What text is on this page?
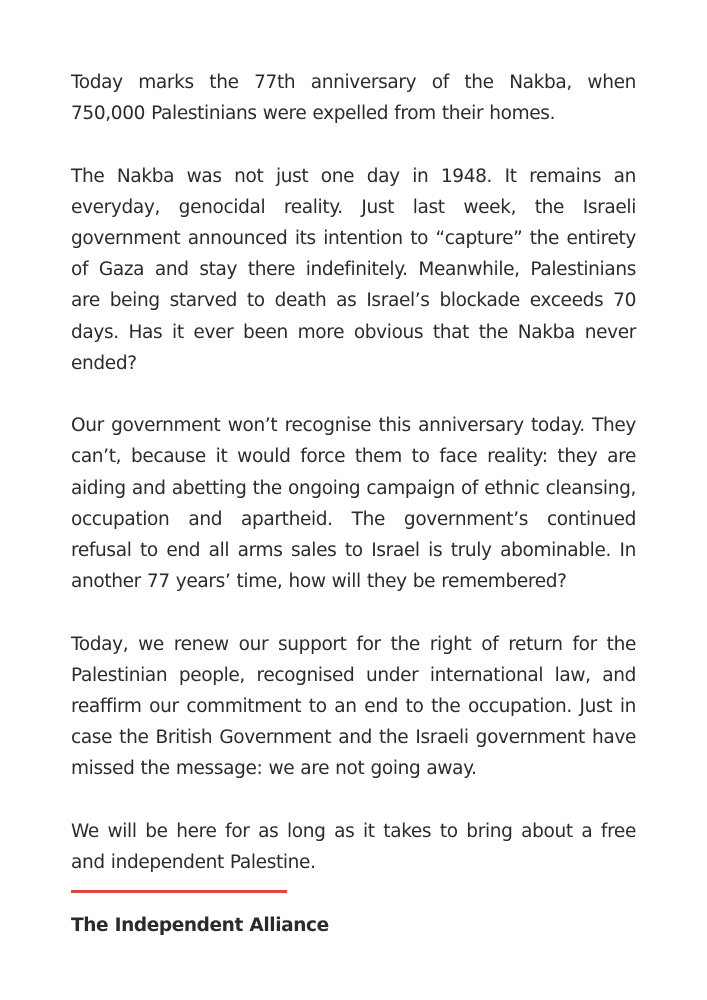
Today marks the 77th anniversary of the Nakba, when 750,000 Palestinians were expelled from their homes.

The Nakba was not just one day in 1948. It remains an everyday, genocidal reality. Just last week, the Israeli government announced its intention to “capture” the entirety of Gaza and stay there indefinitely. Meanwhile, Palestinians are being starved to death as Israel’s blockade exceeds 70 days. Has it ever been more obvious that the Nakba never ended?

Our government won’t recognise this anniversary today. They can’t, because it would force them to face reality: they are aiding and abetting the ongoing campaign of ethnic cleansing, occupation and apartheid. The government’s continued refusal to end all arms sales to Israel is truly abominable. In another 77 years’ time, how will they be remembered?

Today, we renew our support for the right of return for the Palestinian people, recognised under international law, and reaffirm our commitment to an end to the occupation. Just in case the British Government and the Israeli government have missed the message: we are not going away.

We will be here for as long as it takes to bring about a free and independent Palestine.

The Independent Alliance
